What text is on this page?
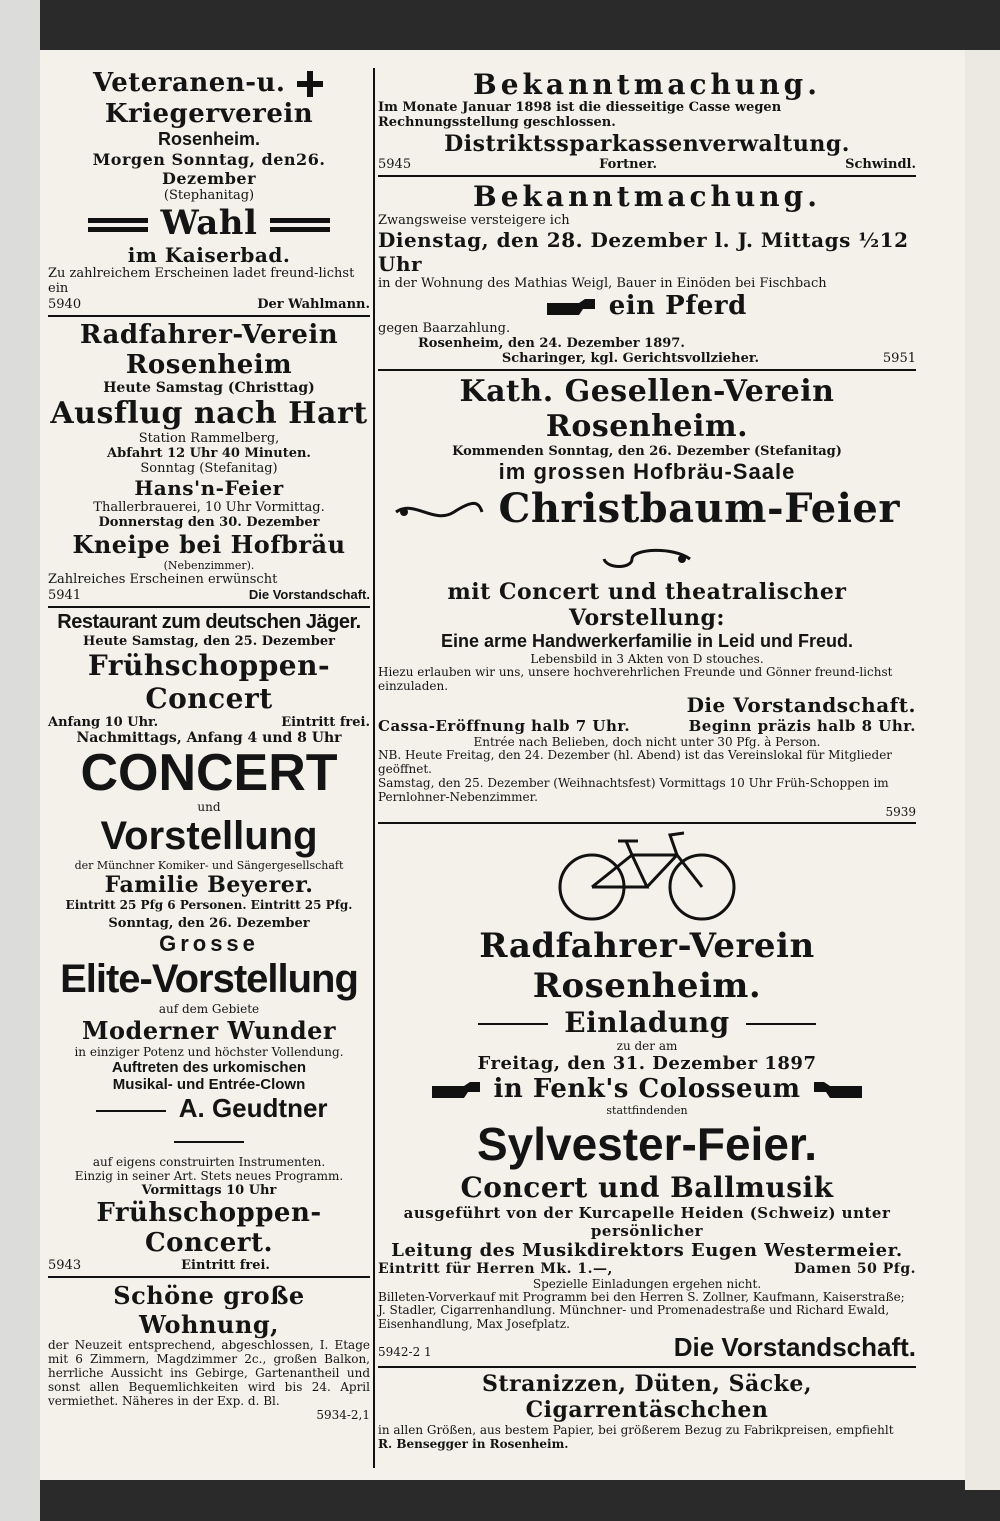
Veteranen-u.  Kriegerverein
Rosenheim.
Morgen Sonntag, den26. Dezember
(Stephanitag)
Wahl
im Kaiserbad.
Zu zahlreichem Erscheinen ladet freund-lichst ein
5940	Der Wahlmann.
Radfahrer-Verein Rosenheim
Heute Samstag (Christtag)
Ausflug nach Hart
Station Rammelberg,
Abfahrt 12 Uhr 40 Minuten.
Sonntag (Stefanitag)
Hans'n-Feier
Thallerbrauerei, 10 Uhr Vormittag.
Donnerstag den 30. Dezember
Kneipe bei Hofbräu
(Nebenzimmer).
Zahlreiches Erscheinen erwünscht
5941	Die Vorstandschaft.
Restaurant zum deutschen Jäger.
Heute Samstag, den 25. Dezember
Frühschoppen-Concert
Anfang 10 Uhr.	Eintritt frei.
Nachmittags, Anfang 4 und 8 Uhr
CONCERT
und
Vorstellung
der Münchner Komiker- und Sängergesellschaft
Familie Beyerer.
Eintritt 25 Pfg 6 Personen. Eintritt 25 Pfg.
Sonntag, den 26. Dezember
Grosse
Elite-Vorstellung
auf dem Gebiete
Moderner Wunder
in einziger Potenz und höchster Vollendung.
Auftreten des urkomischen
Musikal- und Entrée-Clown
A. Geudtner
auf eigens construirten Instrumenten.
Einzig in seiner Art. Stets neues Programm.
Vormittags 10 Uhr
Frühschoppen-Concert.
5943	Eintritt frei.
Schöne große Wohnung,
der Neuzeit entsprechend, abgeschlossen, I. Etage mit 6 Zimmern, Magdzimmer 2c., großen Balkon, herrliche Aussicht ins Gebirge, Gartenantheil und sonst allen Bequemlichkeiten wird bis 24. April vermiethet. Näheres in der Exp. d. Bl.
5934-2,1
Bekanntmachung.
Im Monate Januar 1898 ist die diesseitige Casse wegen Rechnungsstellung geschlossen.
Distriktssparkassenverwaltung.
5945	Fortner.	Schwindl.
Bekanntmachung.
Zwangsweise versteigere ich
Dienstag, den 28. Dezember l. J. Mittags ½12 Uhr
in der Wohnung des Mathias Weigl, Bauer in Einöden bei Fischbach
ein Pferd
gegen Baarzahlung.
Rosenheim, den 24. Dezember 1897.
Scharinger, kgl. Gerichtsvollzieher.	5951
Kath. Gesellen-Verein Rosenheim.
Kommenden Sonntag, den 26. Dezember (Stefanitag)
im grossen Hofbräu-Saale
Christbaum-Feier
mit Concert und theatralischer Vorstellung:
Eine arme Handwerkerfamilie in Leid und Freud.
Lebensbild in 3 Akten von D stouches.
Hiezu erlauben wir uns, unsere hochverehrlichen Freunde und Gönner freund-lichst einzuladen.
Die Vorstandschaft.
Cassa-Eröffnung halb 7 Uhr.	Beginn präzis halb 8 Uhr.
Entrée nach Belieben, doch nicht unter 30 Pfg. à Person.
NB. Heute Freitag, den 24. Dezember (hl. Abend) ist das Vereinslokal für Mitglieder geöffnet.
Samstag, den 25. Dezember (Weihnachtsfest) Vormittags 10 Uhr Früh-Schoppen im Pernlohner-Nebenzimmer.
5939
Radfahrer-Verein Rosenheim.
Einladung
zu der am
Freitag, den 31. Dezember 1897
in Fenk's Colosseum
stattfindenden
Sylvester-Feier.
Concert und Ballmusik
ausgeführt von der Kurcapelle Heiden (Schweiz) unter persönlicher
Leitung des Musikdirektors Eugen Westermeier.
Eintritt für Herren Mk. 1.—,	Damen 50 Pfg.
Spezielle Einladungen ergehen nicht.
Billeten-Vorverkauf mit Programm bei den Herren S. Zollner, Kaufmann, Kaiserstraße; J. Stadler, Cigarrenhandlung. Münchner- und Promenadestraße und Richard Ewald, Eisenhandlung, Max Josefplatz.
5942-2 1	Die Vorstandschaft.
Stranizzen, Düten, Säcke, Cigarrentäschchen
in allen Größen, aus bestem Papier, bei größerem Bezug zu Fabrikpreisen, empfiehlt
R. Bensegger in Rosenheim.
